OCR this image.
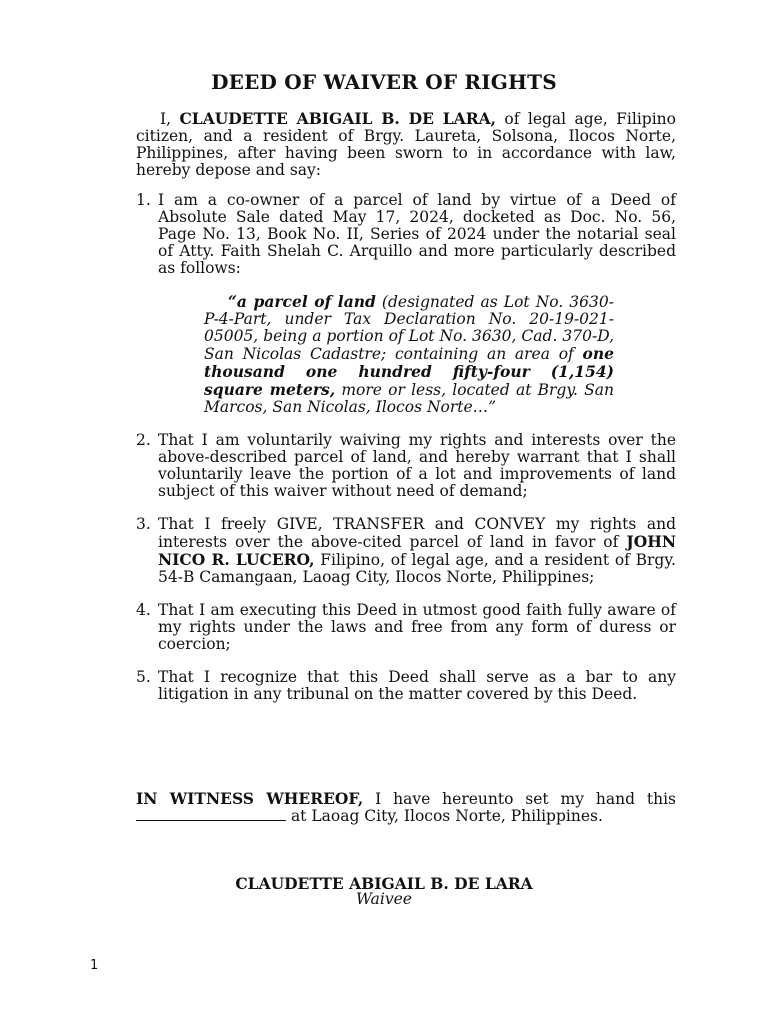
DEED OF WAIVER OF RIGHTS

I, CLAUDETTE ABIGAIL B. DE LARA, of legal age, Filipino citizen, and a resident of Brgy. Laureta, Solsona, Ilocos Norte, Philippines, after having been sworn to in accordance with law, hereby depose and say:

1. I am a co-owner of a parcel of land by virtue of a Deed of Absolute Sale dated May 17, 2024, docketed as Doc. No. 56, Page No. 13, Book No. II, Series of 2024 under the notarial seal of Atty. Faith Shelah C. Arquillo and more particularly described as follows:
“a parcel of land (designated as Lot No. 3630-P-4-Part, under Tax Declaration No. 20-19-021-05005, being a portion of Lot No. 3630, Cad. 370-D, San Nicolas Cadastre; containing an area of one thousand one hundred fifty-four (1,154) square meters, more or less, located at Brgy. San Marcos, San Nicolas, Ilocos Norte…”
2. That I am voluntarily waiving my rights and interests over the above-described parcel of land, and hereby warrant that I shall voluntarily leave the portion of a lot and improvements of land subject of this waiver without need of demand;
3. That I freely GIVE, TRANSFER and CONVEY my rights and interests over the above-cited parcel of land in favor of JOHN NICO R. LUCERO, Filipino, of legal age, and a resident of Brgy. 54-B Camangaan, Laoag City, Ilocos Norte, Philippines;
4. That I am executing this Deed in utmost good faith fully aware of my rights under the laws and free from any form of duress or coercion;
5. That I recognize that this Deed shall serve as a bar to any litigation in any tribunal on the matter covered by this Deed.

IN WITNESS WHEREOF, I have hereunto set my hand this  at Laoag City, Ilocos Norte, Philippines.

CLAUDETTE ABIGAIL B. DE LARA
Waivee
1
